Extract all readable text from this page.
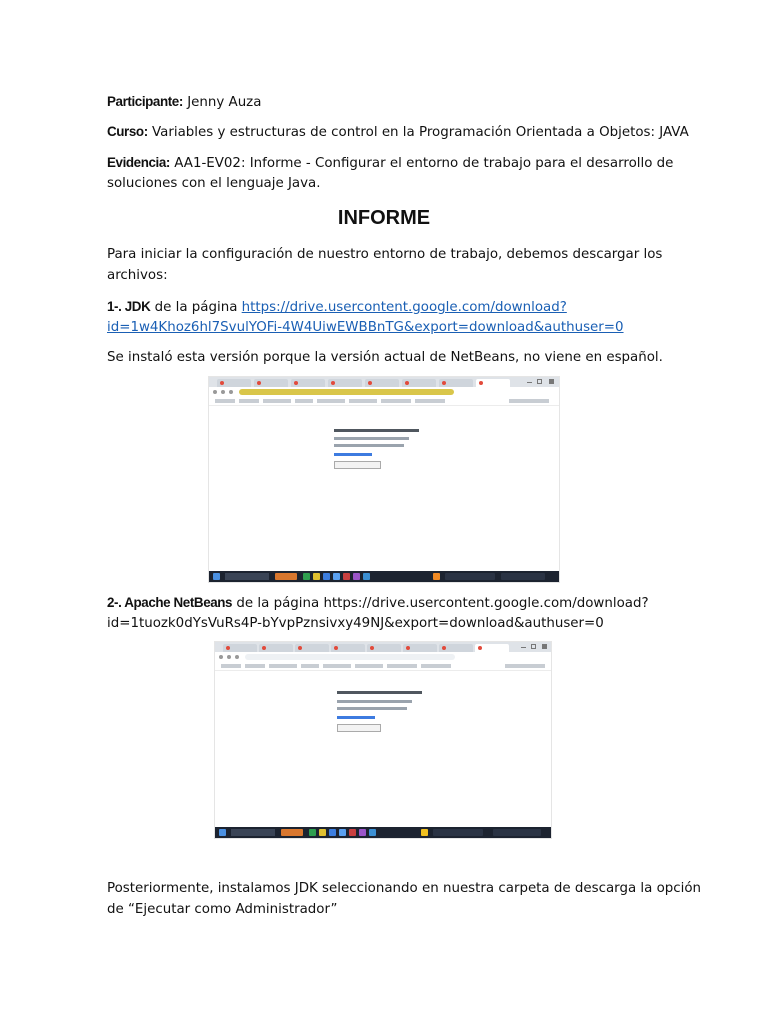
Participante: Jenny Auza
Curso: Variables y estructuras de control en la Programación Orientada a Objetos: JAVA
Evidencia: AA1-EV02: Informe - Configurar el entorno de trabajo para el desarrollo de
soluciones con el lenguaje Java.
INFORME
Para iniciar la configuración de nuestro entorno de trabajo, debemos descargar los
archivos:
1-. JDK de la página https://drive.usercontent.google.com/download?
id=1w4Khoz6hl7SvulYOFi-4W4UiwEWBBnTG&export=download&authuser=0
Se instaló esta versión porque la versión actual de NetBeans, no viene en español.
2-. Apache NetBeans de la página https://drive.usercontent.google.com/download?
id=1tuozk0dYsVuRs4P-bYvpPznsivxy49NJ&export=download&authuser=0
Posteriormente, instalamos JDK seleccionando en nuestra carpeta de descarga la opción
de “Ejecutar como Administrador”
